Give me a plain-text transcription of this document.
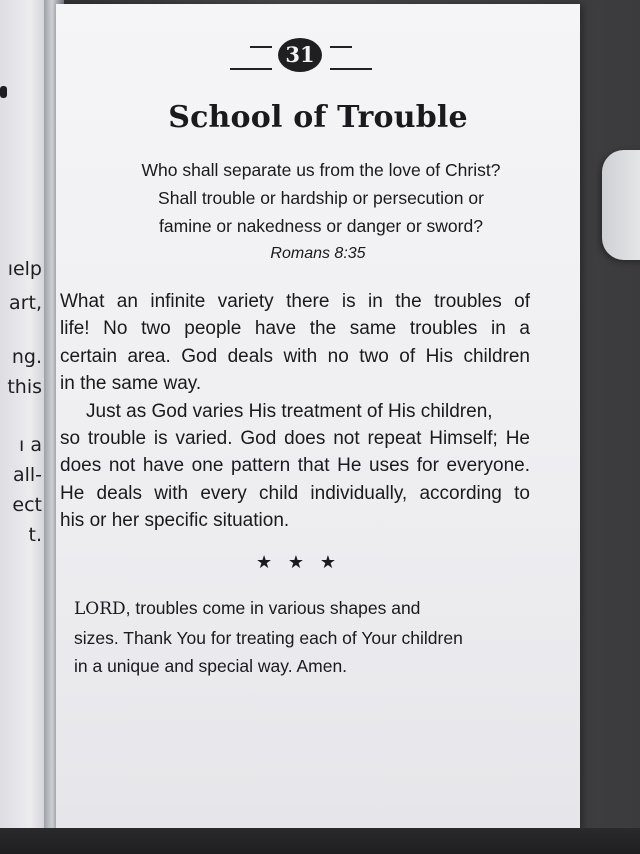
ıelp
art,
ng.
this
ı a
all-
ect
t.
31
School of Trouble
Who shall separate us from the love of Christ?
Shall trouble or hardship or persecution or
famine or nakedness or danger or sword?
Romans 8:35
What an infinite variety there is in the troubles of
life! No two people have the same troubles in a
certain area. God deals with no two of His children
in the same way.
Just as God varies His treatment of His children,
so trouble is varied. God does not repeat Himself; He
does not have one pattern that He uses for everyone.
He deals with every child individually, according to
his or her specific situation.
★ ★ ★
LORD, troubles come in various shapes and
sizes. Thank You for treating each of Your children
in a unique and special way. Amen.
